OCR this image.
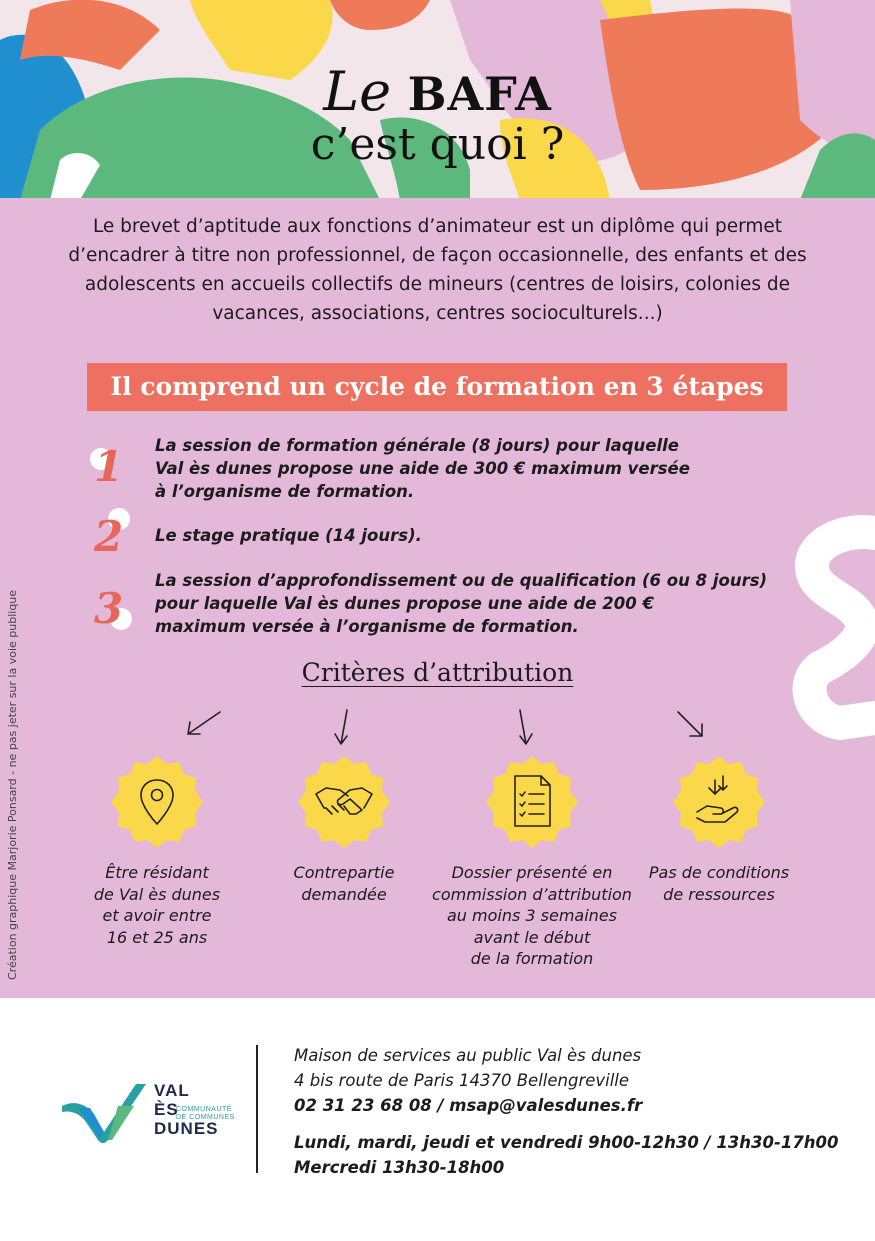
Le BAFA
c’est quoi ?
Le brevet d’aptitude aux fonctions d’animateur est un diplôme qui permet d’encadrer à titre non professionnel, de façon occasionnelle, des enfants et des adolescents en accueils collectifs de mineurs (centres de loisirs, colonies de vacances, associations, centres socioculturels...)
Il comprend un cycle de formation en 3 étapes
1 La session de formation générale (8 jours) pour laquelle
Val ès dunes propose une aide de 300 € maximum versée
à l’organisme de formation.
2 Le stage pratique (14 jours).
3
La session d’approfondissement ou de qualification (6 ou 8 jours)
pour laquelle Val ès dunes propose une aide de 200 €
maximum versée à l’organisme de formation.
Critères d’attribution
Être résidant
de Val ès dunes
et avoir entre
16 et 25 ans
Contrepartie
demandée
Dossier présenté en
commission d’attribution
au moins 3 semaines
avant le début
de la formation
Pas de conditions
de ressources
Création graphique Marjorie Ponsard - ne pas jeter sur la voie publique
VAL
ÈS
DUNES
COMMUNAUTÉ
DE COMMUNES
Maison de services au public Val ès dunes
4 bis route de Paris 14370 Bellengreville
02 31 23 68 08 / msap@valesdunes.fr
Lundi, mardi, jeudi et vendredi 9h00-12h30 / 13h30-17h00
Mercredi 13h30-18h00
